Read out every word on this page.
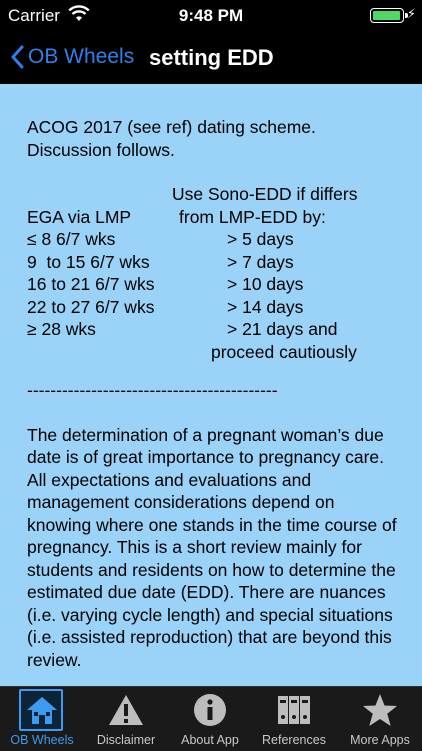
Carrier	9:48 PM	⚡
OB Wheels setting EDD

ACOG 2017 (see ref) dating scheme. Discussion follows.

Use Sono-EDD if differs
EGA via LMP	from LMP-EDD by:
≤ 8 6/7 wks	> 5 days
9  to 15 6/7 wks	> 7 days
16 to 21 6/7 wks	> 10 days
22 to 27 6/7 wks	> 14 days
≥ 28 wks	> 21 days and
proceed cautiously
-------------------------------------------

The determination of a pregnant woman’s due date is of great importance to pregnancy care. All expectations and evaluations and management considerations depend on knowing where one stands in the time course of pregnancy. This is a short review mainly for students and residents on how to determine the estimated due date (EDD). There are nuances (i.e. varying cycle length) and special situations (i.e. assisted reproduction) that are beyond this review.

OB Wheels	Disclaimer	About App	References	More Apps
